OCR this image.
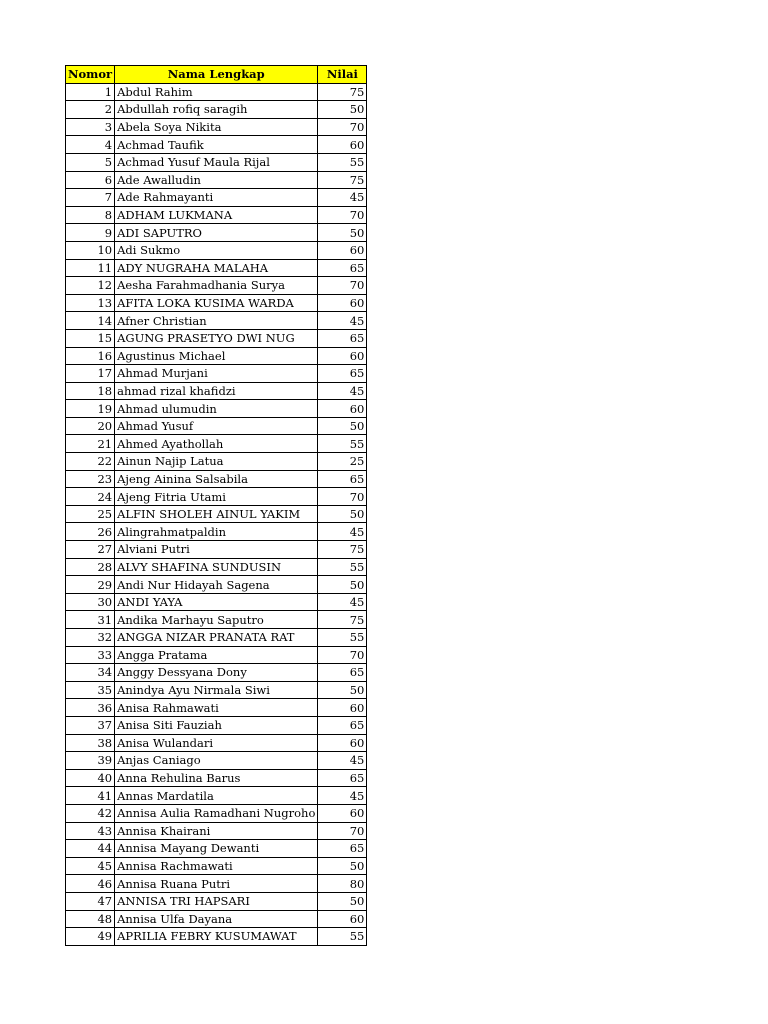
Nomor	Nama Lengkap	Nilai
1	Abdul Rahim	75
2	Abdullah rofiq saragih	50
3	Abela Soya Nikita	70
4	Achmad Taufik	60
5	Achmad Yusuf Maula Rijal	55
6	Ade Awalludin	75
7	Ade Rahmayanti	45
8	ADHAM LUKMANA	70
9	ADI SAPUTRO	50
10	Adi Sukmo	60
11	ADY NUGRAHA MALAHA	65
12	Aesha Farahmadhania Surya	70
13	AFITA LOKA KUSIMA WARDA	60
14	Afner Christian	45
15	AGUNG PRASETYO DWI NUG	65
16	Agustinus Michael	60
17	Ahmad Murjani	65
18	ahmad rizal khafidzi	45
19	Ahmad ulumudin	60
20	Ahmad Yusuf	50
21	Ahmed Ayathollah	55
22	Ainun Najip Latua	25
23	Ajeng Ainina Salsabila	65
24	Ajeng Fitria Utami	70
25	ALFIN SHOLEH AINUL YAKIM	50
26	Alingrahmatpaldin	45
27	Alviani Putri	75
28	ALVY SHAFINA SUNDUSIN	55
29	Andi Nur Hidayah Sagena	50
30	ANDI YAYA	45
31	Andika Marhayu Saputro	75
32	ANGGA NIZAR PRANATA RAT	55
33	Angga Pratama	70
34	Anggy Dessyana Dony	65
35	Anindya Ayu Nirmala Siwi	50
36	Anisa Rahmawati	60
37	Anisa Siti Fauziah	65
38	Anisa Wulandari	60
39	Anjas Caniago	45
40	Anna Rehulina Barus	65
41	Annas Mardatila	45
42	Annisa Aulia Ramadhani Nugroho	60
43	Annisa Khairani	70
44	Annisa Mayang Dewanti	65
45	Annisa Rachmawati	50
46	Annisa Ruana Putri	80
47	ANNISA TRI HAPSARI	50
48	Annisa Ulfa Dayana	60
49	APRILIA FEBRY KUSUMAWAT	55
